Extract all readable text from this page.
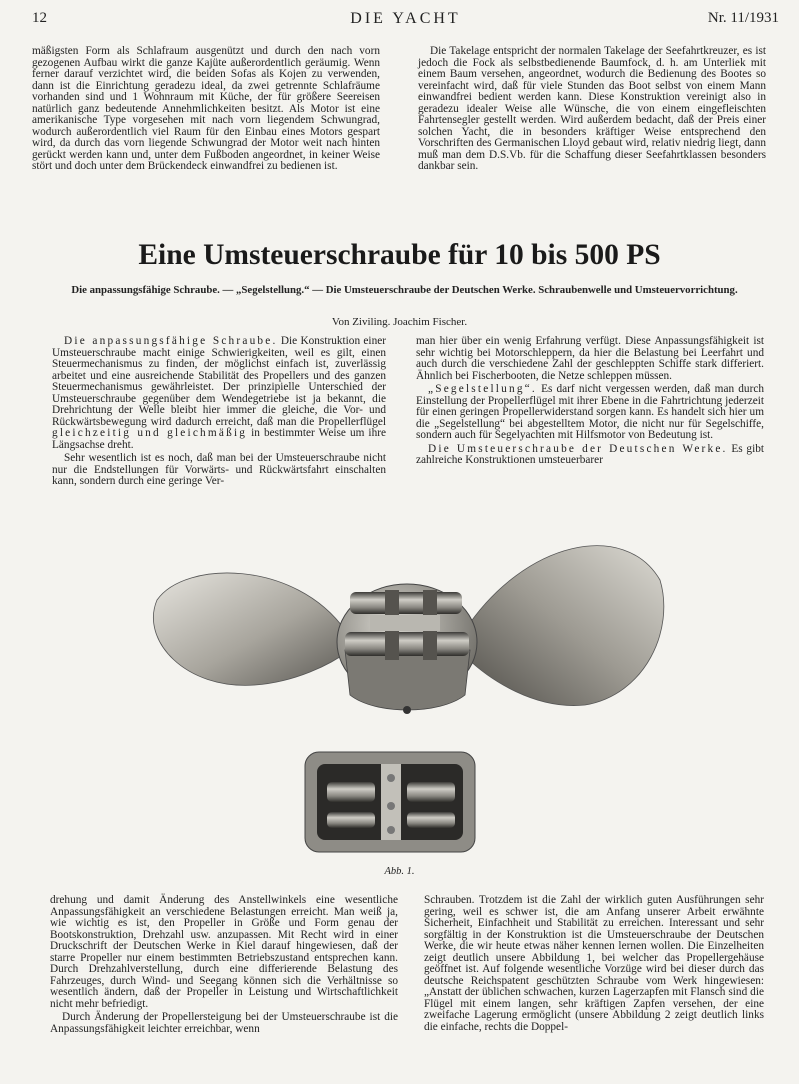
12	DIE YACHT	Nr. 11/1931

mäßigsten Form als Schlafraum ausgenützt und durch den nach vorn gezogenen Aufbau wirkt die ganze Kajüte außerordentlich geräumig. Wenn ferner darauf verzichtet wird, die beiden Sofas als Kojen zu verwenden, dann ist die Einrichtung geradezu ideal, da zwei getrennte Schlafräume vorhanden sind und 1 Wohnraum mit Küche, der für größere Seereisen natürlich ganz bedeutende Annehmlichkeiten besitzt. Als Motor ist eine amerikanische Type vorgesehen mit nach vorn liegendem Schwungrad, wodurch außerordentlich viel Raum für den Einbau eines Motors gespart wird, da durch das vorn liegende Schwungrad der Motor weit nach hinten gerückt werden kann und, unter dem Fußboden angeordnet, in keiner Weise stört und doch unter dem Brückendeck einwandfrei zu bedienen ist.

Die Takelage entspricht der normalen Takelage der Seefahrtkreuzer, es ist jedoch die Fock als selbstbedienende Baumfock, d. h. am Unterliek mit einem Baum versehen, angeordnet, wodurch die Bedienung des Bootes so vereinfacht wird, daß für viele Stunden das Boot selbst von einem Mann einwandfrei bedient werden kann. Diese Konstruktion vereinigt also in geradezu idealer Weise alle Wünsche, die von einem eingefleischten Fahrtensegler gestellt werden. Wird außerdem bedacht, daß der Preis einer solchen Yacht, die in besonders kräftiger Weise entsprechend den Vorschriften des Germanischen Lloyd gebaut wird, relativ niedrig liegt, dann muß man dem D.S.Vb. für die Schaffung dieser Seefahrtklassen besonders dankbar sein.

Eine Umsteuerschraube für 10 bis 500 PS
Die anpassungsfähige Schraube. — „Segelstellung.“ — Die Umsteuerschraube der Deutschen Werke. Schraubenwelle und Umsteuervorrichtung.
Von Ziviling. Joachim Fischer.

Die anpassungsfähige Schraube. Die Konstruktion einer Umsteuerschraube macht einige Schwierigkeiten, weil es gilt, einen Steuermechanismus zu finden, der möglichst einfach ist, zuverlässig arbeitet und eine ausreichende Stabilität des Propellers und des ganzen Steuermechanismus gewährleistet. Der prinzipielle Unterschied der Umsteuerschraube gegenüber dem Wendegetriebe ist ja bekannt, die Drehrichtung der Welle bleibt hier immer die gleiche, die Vor- und Rückwärtsbewegung wird dadurch erreicht, daß man die Propellerflügel gleichzeitig und gleichmäßig in bestimmter Weise um ihre Längsachse dreht.

Sehr wesentlich ist es noch, daß man bei der Umsteuerschraube nicht nur die Endstellungen für Vorwärts- und Rückwärtsfahrt einschalten kann, sondern durch eine geringe Ver-

man hier über ein wenig Erfahrung verfügt. Diese Anpassungsfähigkeit ist sehr wichtig bei Motorschleppern, da hier die Belastung bei Leerfahrt und auch durch die verschiedene Zahl der geschleppten Schiffe stark differiert. Ähnlich bei Fischerbooten, die Netze schleppen müssen.

„Segelstellung“. Es darf nicht vergessen werden, daß man durch Einstellung der Propellerflügel mit ihrer Ebene in die Fahrtrichtung jederzeit für einen geringen Propellerwiderstand sorgen kann. Es handelt sich hier um die „Segelstellung“ bei abgestelltem Motor, die nicht nur für Segelschiffe, sondern auch für Segelyachten mit Hilfsmotor von Bedeutung ist.

Die Umsteuerschraube der Deutschen Werke. Es gibt zahlreiche Konstruktionen umsteuerbarer

Abb. 1.

drehung und damit Änderung des Anstellwinkels eine wesentliche Anpassungsfähigkeit an verschiedene Belastungen erreicht. Man weiß ja, wie wichtig es ist, den Propeller in Größe und Form genau der Bootskonstruktion, Drehzahl usw. anzupassen. Mit Recht wird in einer Druckschrift der Deutschen Werke in Kiel darauf hingewiesen, daß der starre Propeller nur einem bestimmten Betriebszustand entsprechen kann. Durch Drehzahlverstellung, durch eine differierende Belastung des Fahrzeuges, durch Wind- und Seegang können sich die Verhältnisse so wesentlich ändern, daß der Propeller in Leistung und Wirtschaftlichkeit nicht mehr befriedigt.

Durch Änderung der Propellersteigung bei der Umsteuerschraube ist die Anpassungsfähigkeit leichter erreichbar, wenn

Schrauben. Trotzdem ist die Zahl der wirklich guten Ausführungen sehr gering, weil es schwer ist, die am Anfang unserer Arbeit erwähnte Sicherheit, Einfachheit und Stabilität zu erreichen. Interessant und sehr sorgfältig in der Konstruktion ist die Umsteuerschraube der Deutschen Werke, die wir heute etwas näher kennen lernen wollen. Die Einzelheiten zeigt deutlich unsere Abbildung 1, bei welcher das Propellergehäuse geöffnet ist. Auf folgende wesentliche Vorzüge wird bei dieser durch das deutsche Reichspatent geschützten Schraube vom Werk hingewiesen: „Anstatt der üblichen schwachen, kurzen Lagerzapfen mit Flansch sind die Flügel mit einem langen, sehr kräftigen Zapfen versehen, der eine zweifache Lagerung ermöglicht (unsere Abbildung 2 zeigt deutlich links die einfache, rechts die Doppel-
